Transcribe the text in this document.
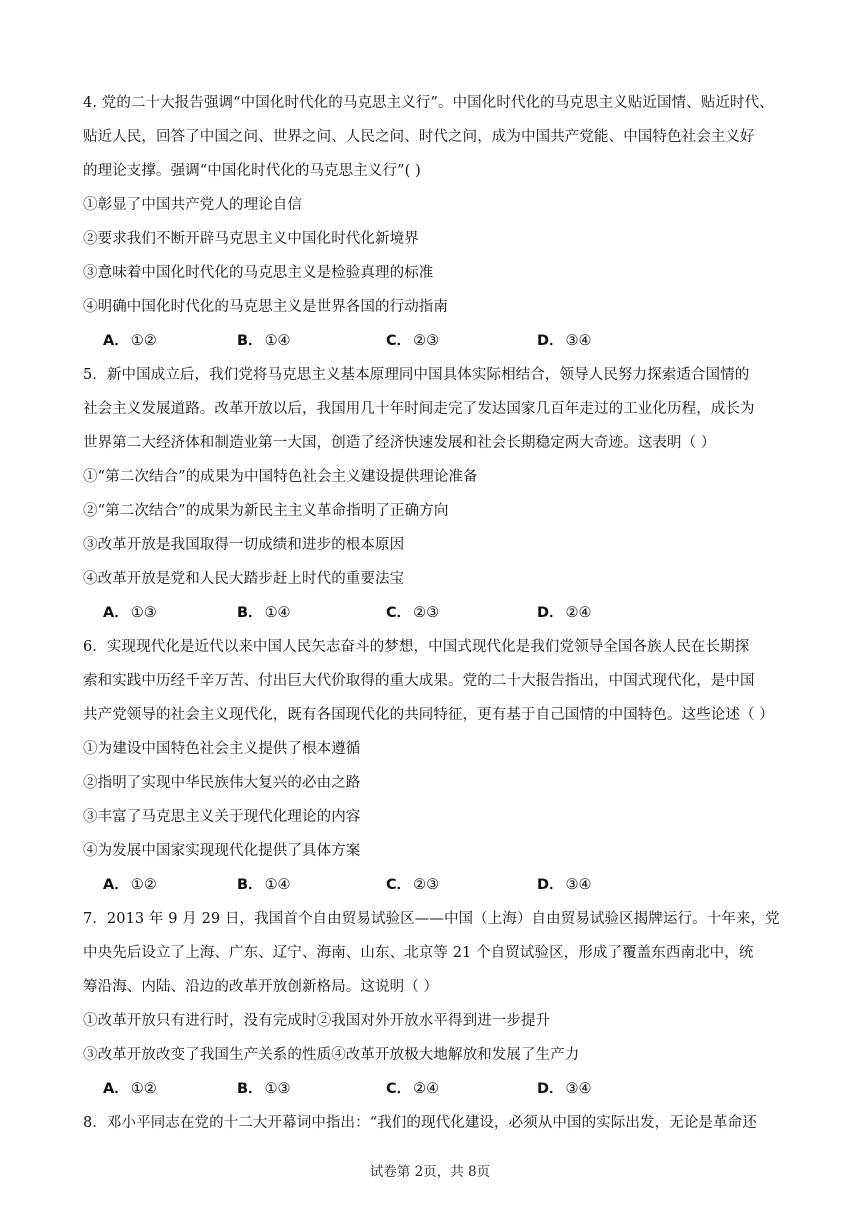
4. 党的二十大报告强调“中国化时代化的马克思主义行”。中国化时代化的马克思主义贴近国情、贴近时代、
贴近人民，回答了中国之问、世界之问、人民之问、时代之问，成为中国共产党能、中国特色社会主义好
的理论支撑。强调“中国化时代化的马克思主义行”( )
①彰显了中国共产党人的理论自信
②要求我们不断开辟马克思主义中国化时代化新境界
③意味着中国化时代化的马克思主义是检验真理的标准
④明确中国化时代化的马克思主义是世界各国的行动指南
A． ①②	B． ①④	C． ②③	D． ③④
5．新中国成立后，我们党将马克思主义基本原理同中国具体实际相结合，领导人民努力探索适合国情的
社会主义发展道路。改革开放以后，我国用几十年时间走完了发达国家几百年走过的工业化历程，成长为
世界第二大经济体和制造业第一大国，创造了经济快速发展和社会长期稳定两大奇迹。这表明（ ）
①“第二次结合”的成果为中国特色社会主义建设提供理论准备
②“第二次结合”的成果为新民主主义革命指明了正确方向
③改革开放是我国取得一切成绩和进步的根本原因
④改革开放是党和人民大踏步赶上时代的重要法宝
A． ①③	B． ①④	C． ②③	D． ②④
6．实现现代化是近代以来中国人民矢志奋斗的梦想，中国式现代化是我们党领导全国各族人民在长期探
索和实践中历经千辛万苦、付出巨大代价取得的重大成果。党的二十大报告指出，中国式现代化，是中国
共产党领导的社会主义现代化，既有各国现代化的共同特征，更有基于自己国情的中国特色。这些论述（ ）
①为建设中国特色社会主义提供了根本遵循
②指明了实现中华民族伟大复兴的必由之路
③丰富了马克思主义关于现代化理论的内容
④为发展中国家实现现代化提供了具体方案
A． ①②	B． ①④	C． ②③	D． ③④
7．2013 年 9 月 29 日，我国首个自由贸易试验区——中国（上海）自由贸易试验区揭牌运行。十年来，党
中央先后设立了上海、广东、辽宁、海南、山东、北京等 21 个自贸试验区，形成了覆盖东西南北中，统
筹沿海、内陆、沿边的改革开放创新格局。这说明（ ）
①改革开放只有进行时，没有完成时②我国对外开放水平得到进一步提升
③改革开放改变了我国生产关系的性质④改革开放极大地解放和发展了生产力
A． ①②	B． ①③	C． ②④	D． ③④
8．邓小平同志在党的十二大开幕词中指出：“我们的现代化建设，必须从中国的实际出发，无论是革命还
试卷第 2页，共 8页
